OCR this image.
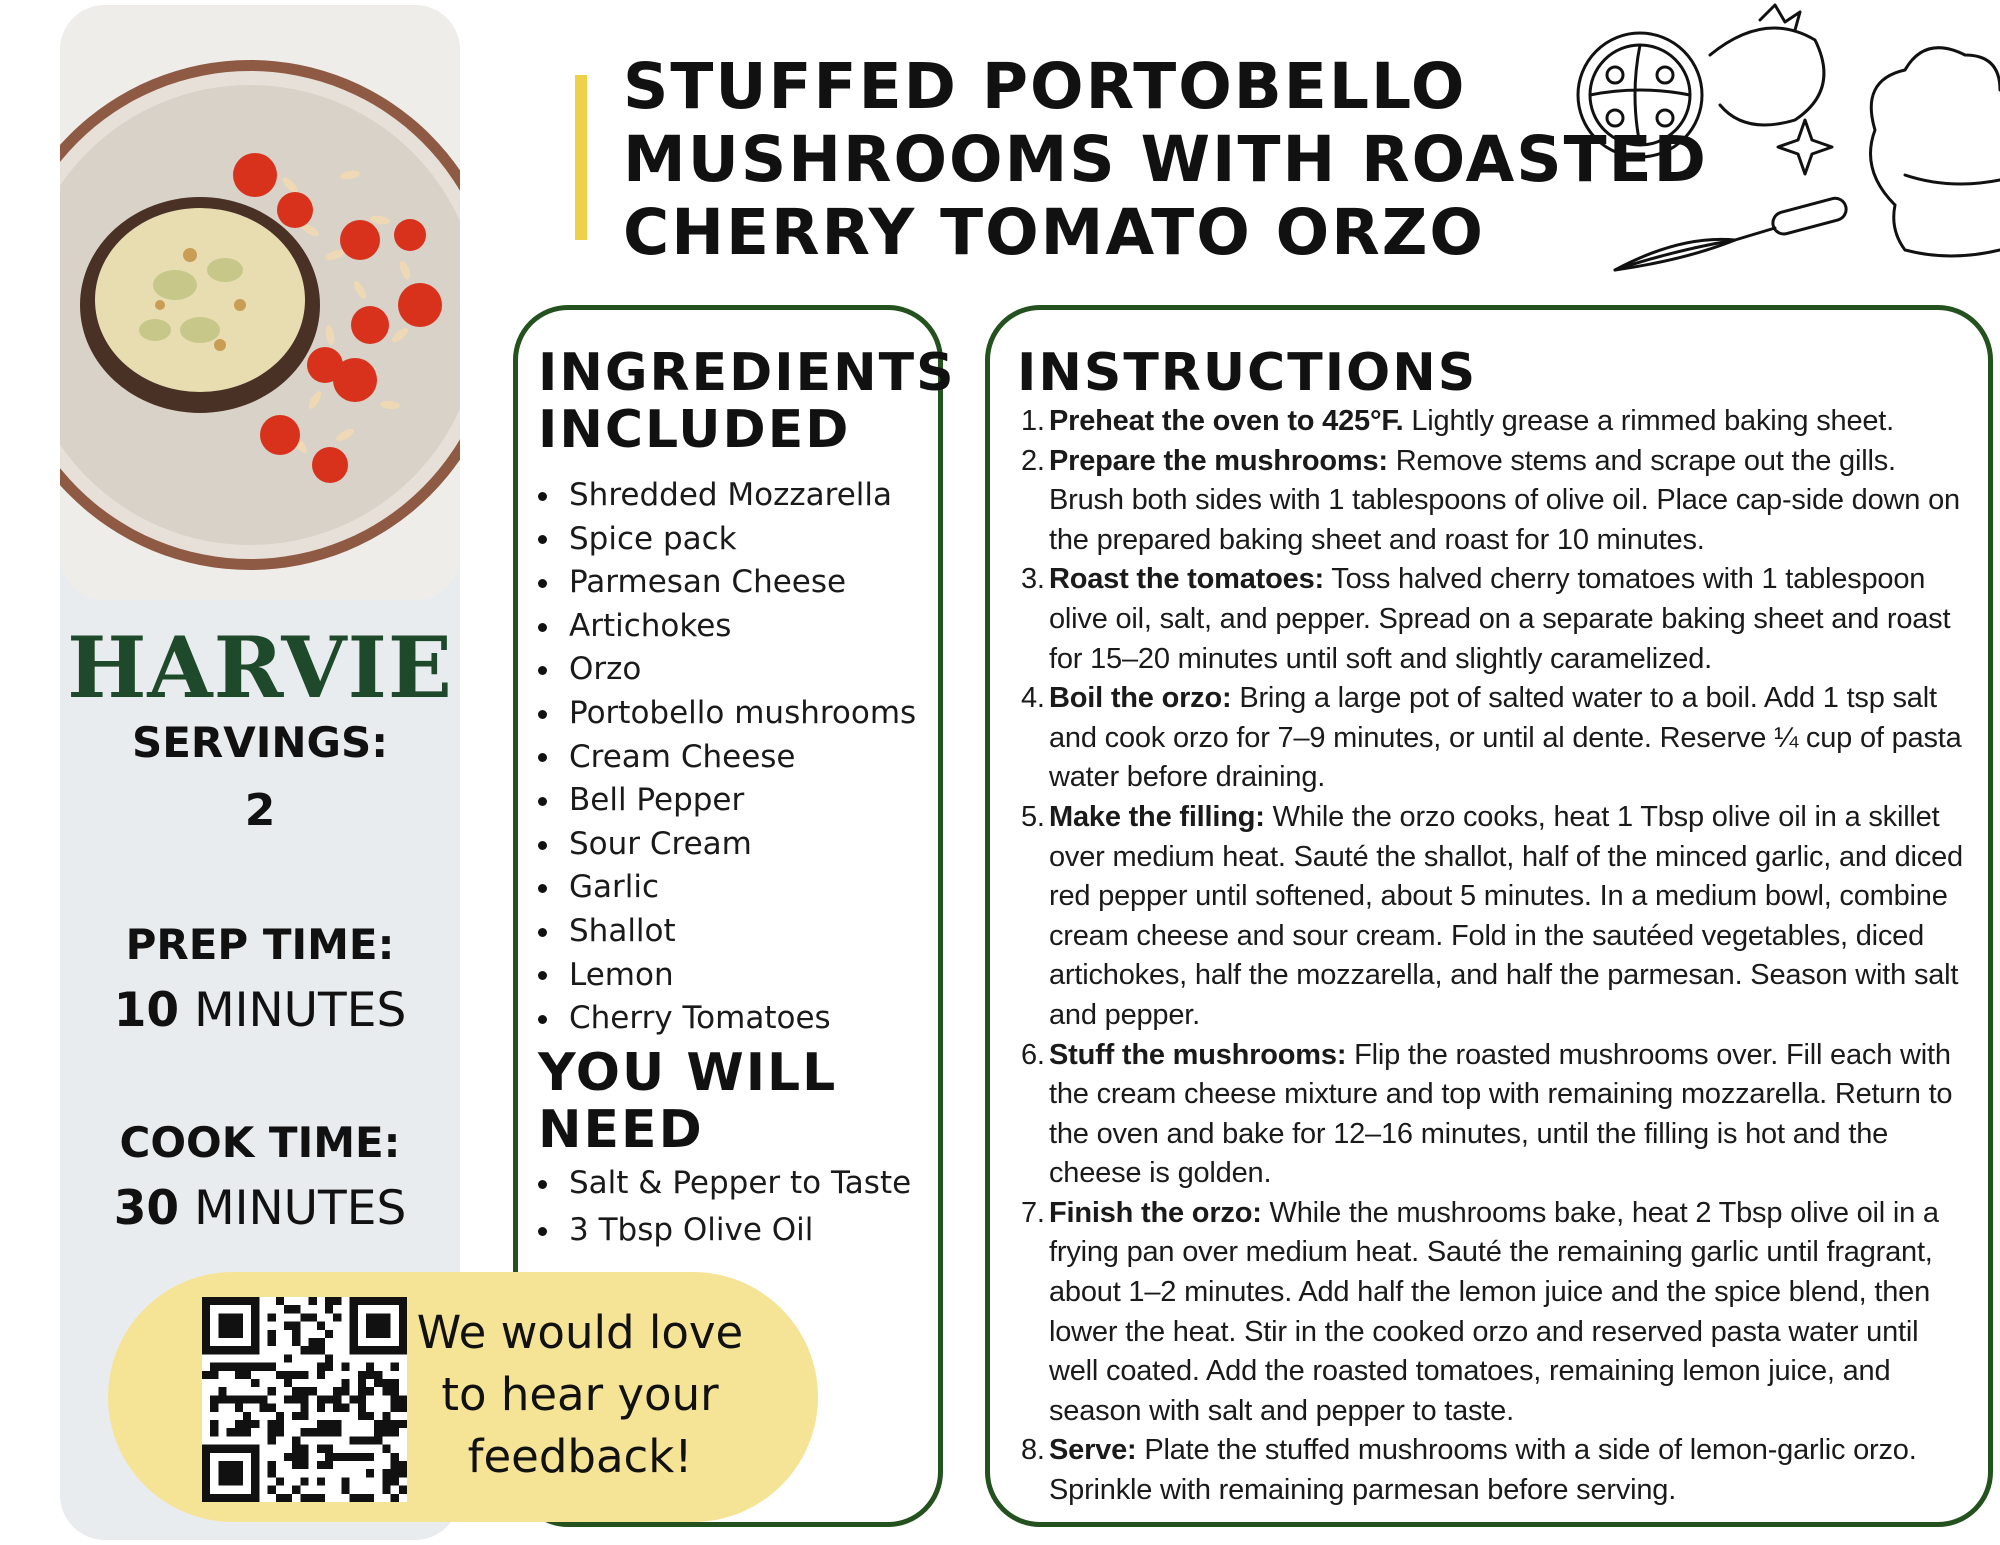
HARVIE
SERVINGS:
2
PREP TIME:
10 MINUTES
COOK TIME:
30 MINUTES
STUFFED PORTOBELLO
MUSHROOMS WITH ROASTED
CHERRY TOMATO ORZO
INGREDIENTS
INCLUDED
Shredded Mozzarella
Spice pack
Parmesan Cheese
Artichokes
Orzo
Portobello mushrooms
Cream Cheese
Bell Pepper
Sour Cream
Garlic
Shallot
Lemon
Cherry Tomatoes
YOU WILL
NEED
Salt & Pepper to Taste
3 Tbsp Olive Oil
INSTRUCTIONS
1. Preheat the oven to 425°F. Lightly grease a rimmed baking sheet.
2. Prepare the mushrooms: Remove stems and scrape out the gills. Brush both sides with 1 tablespoons of olive oil. Place cap-side down on the prepared baking sheet and roast for 10 minutes.
3. Roast the tomatoes: Toss halved cherry tomatoes with 1 tablespoon olive oil, salt, and pepper. Spread on a separate baking sheet and roast for 15–20 minutes until soft and slightly caramelized.
4. Boil the orzo: Bring a large pot of salted water to a boil. Add 1 tsp salt and cook orzo for 7–9 minutes, or until al dente. Reserve ¼ cup of pasta water before draining.
5. Make the filling: While the orzo cooks, heat 1 Tbsp olive oil in a skillet over medium heat. Sauté the shallot, half of the minced garlic, and diced red pepper until softened, about 5 minutes. In a medium bowl, combine cream cheese and sour cream. Fold in the sautéed vegetables, diced artichokes, half the mozzarella, and half the parmesan. Season with salt and pepper.
6. Stuff the mushrooms: Flip the roasted mushrooms over. Fill each with the cream cheese mixture and top with remaining mozzarella. Return to the oven and bake for 12–16 minutes, until the filling is hot and the cheese is golden.
7. Finish the orzo: While the mushrooms bake, heat 2 Tbsp olive oil in a frying pan over medium heat. Sauté the remaining garlic until fragrant, about 1–2 minutes. Add half the lemon juice and the spice blend, then lower the heat. Stir in the cooked orzo and reserved pasta water until well coated. Add the roasted tomatoes, remaining lemon juice, and season with salt and pepper to taste.
8. Serve: Plate the stuffed mushrooms with a side of lemon-garlic orzo. Sprinkle with remaining parmesan before serving.
We would love
to hear your
feedback!
